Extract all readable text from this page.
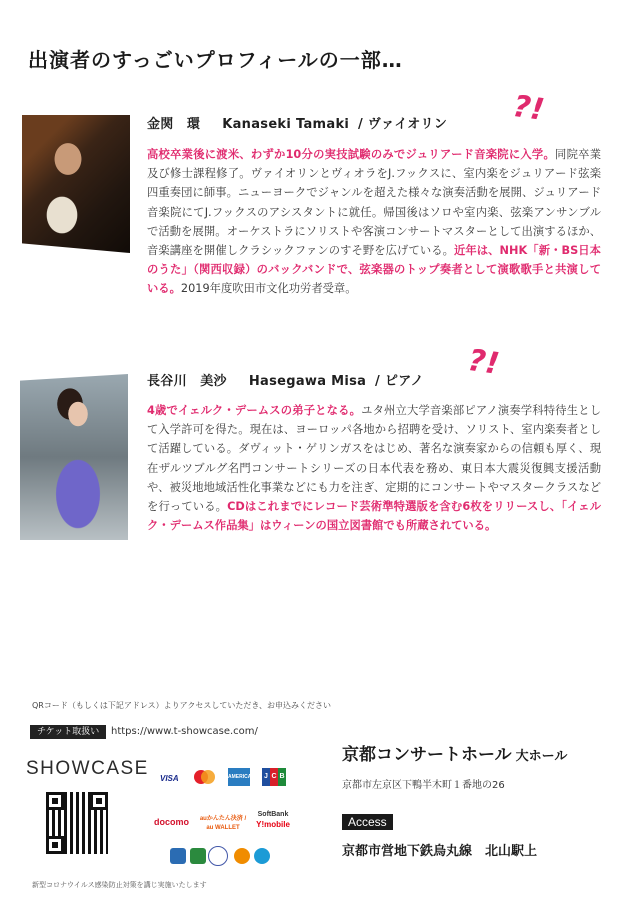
出演者のすっごいプロフィールの一部…
金関　環 Kanaseki Tamaki / ヴァイオリン ?!
高校卒業後に渡米、わずか10分の実技試験のみでジュリアード音楽院に入学。同院卒業及び修士課程修了。ヴァイオリンとヴィオラをJ.フックスに、室内楽をジュリアード弦楽四重奏団に師事。ニューヨークでジャンルを超えた様々な演奏活動を展開、ジュリアード音楽院にてJ.フックスのアシスタントに就任。帰国後はソロや室内楽、弦楽アンサンブルで活動を展開。オーケストラにソリストや客演コンサートマスターとして出演するほか、音楽講座を開催しクラシックファンのすそ野を広げている。近年は、NHK「新・BS日本のうた」（関西収録）のバックバンドで、弦楽器のトップ奏者として演歌歌手と共演している。2019年度吹田市文化功労者受章。
長谷川　美沙 Hasegawa Misa / ピアノ ?!
4歳でイェルク・デームスの弟子となる。ユタ州立大学音楽部ピアノ演奏学科特待生として入学許可を得た。現在は、ヨーロッパ各地から招聘を受け、ソリスト、室内楽奏者として活躍している。ダヴィット・ゲリンガスをはじめ、著名な演奏家からの信頼も厚く、現在ザルツブルグ名門コンサートシリーズの日本代表を務め、東日本大震災復興支援活動や、被災地地域活性化事業などにも力を注ぎ、定期的にコンサートやマスタークラスなどを行っている。CDはこれまでにレコード芸術準特選版を含む6枚をリリースし、「イェルク・デームス作品集」はウィーンの国立図書館でも所蔵されている。
QRコード（もしくは下記アドレス）よりアクセスしていただき、お申込みください
チケット取扱い	https://www.t-showcase.com/
SHOWCASE	VISA	AMERICAN EXPRESS
J C B
docomo	auかんたん決済 / au WALLET
SoftBank
Y!mobile
新型コロナウイルス感染防止対策を講じ実施いたします
京都コンサートホール 大ホール
京都市左京区下鴨半木町１番地の26
Access
京都市営地下鉄烏丸線　北山駅上
